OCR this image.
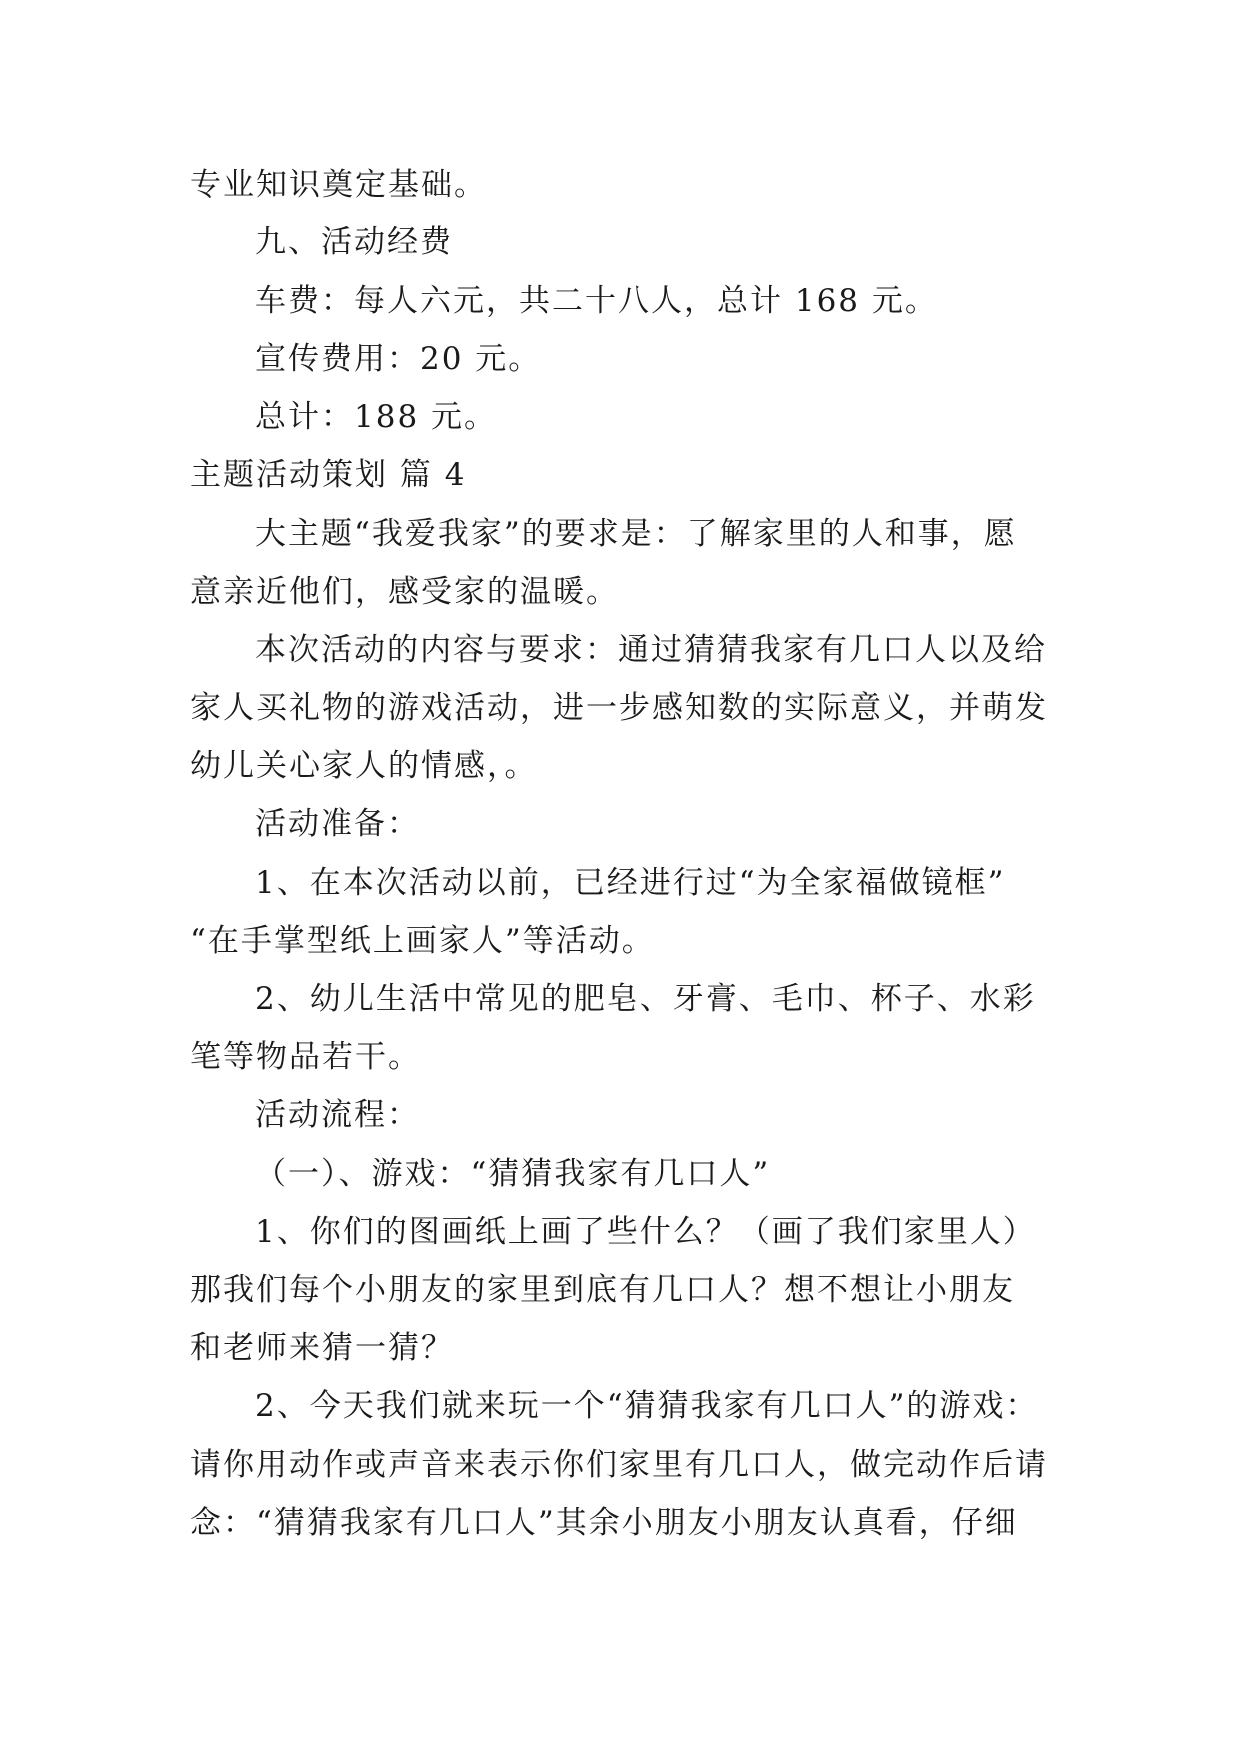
专业知识奠定基础。
九、活动经费
车费：每人六元，共二十八人，总计 168 元。
宣传费用：20 元。
总计：188 元。
主题活动策划 篇 4
大主题“我爱我家”的要求是：了解家里的人和事，愿
意亲近他们，感受家的温暖。
本次活动的内容与要求：通过猜猜我家有几口人以及给
家人买礼物的游戏活动，进一步感知数的实际意义，并萌发
幼儿关心家人的情感，。
活动准备：
1、在本次活动以前，已经进行过“为全家福做镜框”
“在手掌型纸上画家人”等活动。
2、幼儿生活中常见的肥皂、牙膏、毛巾、杯子、水彩
笔等物品若干。
活动流程：
（一）、游戏：“猜猜我家有几口人”
1、你们的图画纸上画了些什么？（画了我们家里人）
那我们每个小朋友的家里到底有几口人？想不想让小朋友
和老师来猜一猜？
2、今天我们就来玩一个“猜猜我家有几口人”的游戏：
请你用动作或声音来表示你们家里有几口人，做完动作后请
念：“猜猜我家有几口人”其余小朋友小朋友认真看，仔细
